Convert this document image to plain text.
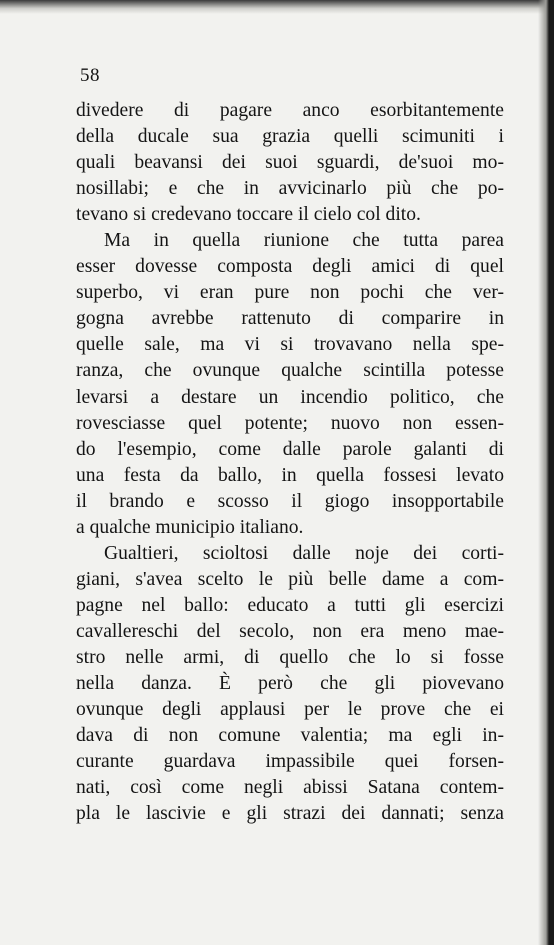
58
divedere di pagare anco esorbitantemente
della ducale sua grazia quelli scimuniti i
quali beavansi dei suoi sguardi, de'suoi mo-
nosillabi; e che in avvicinarlo più che po-
tevano si credevano toccare il cielo col dito.
Ma in quella riunione che tutta parea
esser dovesse composta degli amici di quel
superbo, vi eran pure non pochi che ver-
gogna avrebbe rattenuto di comparire in
quelle sale, ma vi si trovavano nella spe-
ranza, che ovunque qualche scintilla potesse
levarsi a destare un incendio politico, che
rovesciasse quel potente; nuovo non essen-
do l'esempio, come dalle parole galanti di
una festa da ballo, in quella fossesi levato
il brando e scosso il giogo insopportabile
a qualche municipio italiano.
Gualtieri, scioltosi dalle noje dei corti-
giani, s'avea scelto le più belle dame a com-
pagne nel ballo: educato a tutti gli esercizi
cavallereschi del secolo, non era meno mae-
stro nelle armi, di quello che lo si fosse
nella danza. È però che gli piovevano
ovunque degli applausi per le prove che ei
dava di non comune valentia; ma egli in-
curante guardava impassibile quei forsen-
nati, così come negli abissi Satana contem-
pla le lascivie e gli strazi dei dannati; senza
